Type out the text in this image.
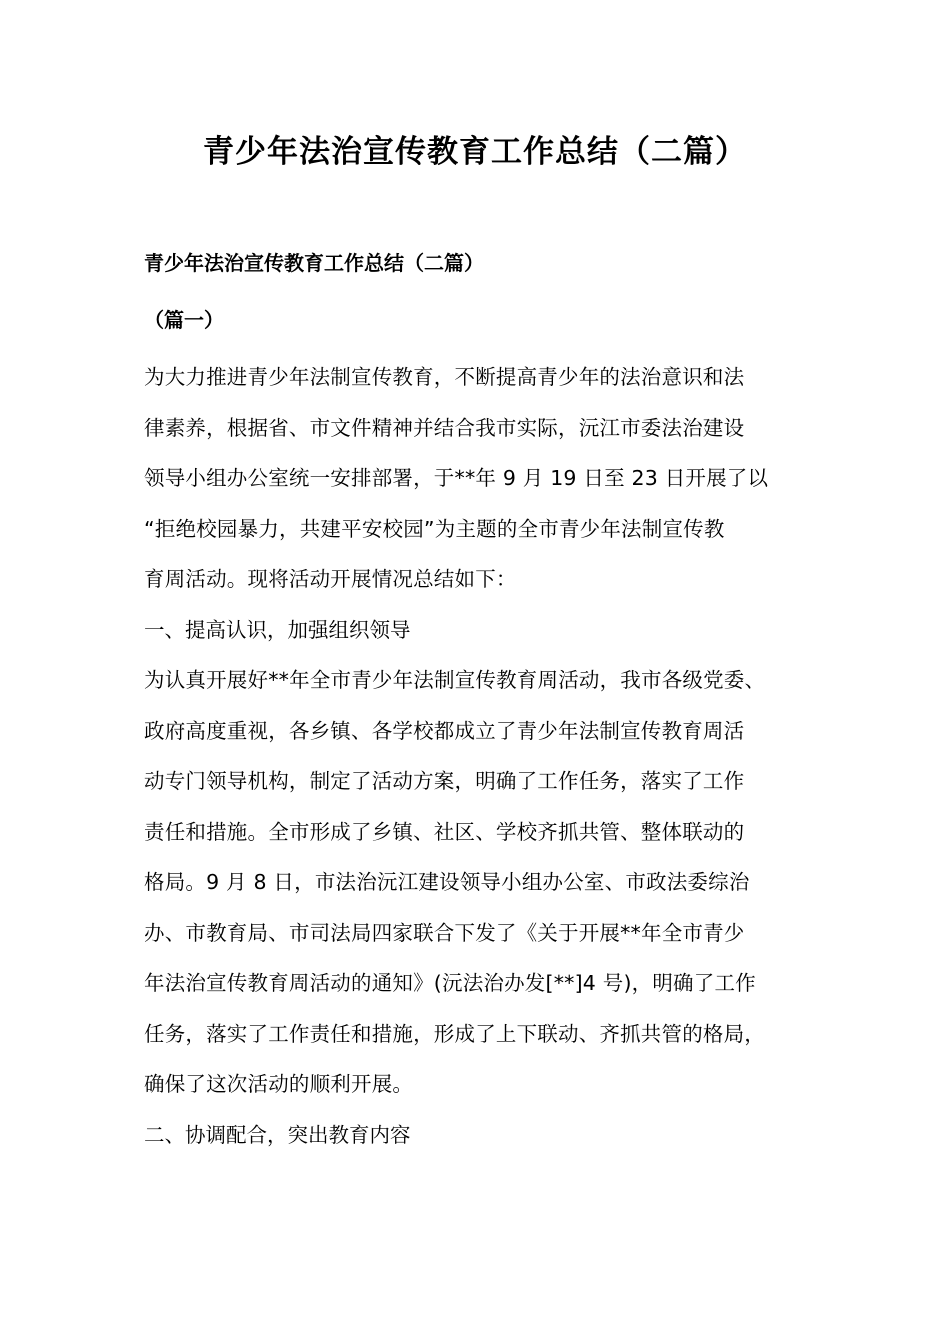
青少年法治宣传教育工作总结（二篇）

青少年法治宣传教育工作总结（二篇）

（篇一）

为大力推进青少年法制宣传教育，不断提高青少年的法治意识和法

律素养，根据省、市文件精神并结合我市实际，沅江市委法治建设

领导小组办公室统一安排部署，于**年 9 月 19 日至 23 日开展了以

“拒绝校园暴力，共建平安校园”为主题的全市青少年法制宣传教

育周活动。现将活动开展情况总结如下：

一、提高认识，加强组织领导

为认真开展好**年全市青少年法制宣传教育周活动，我市各级党委、

政府高度重视，各乡镇、各学校都成立了青少年法制宣传教育周活

动专门领导机构，制定了活动方案，明确了工作任务，落实了工作

责任和措施。全市形成了乡镇、社区、学校齐抓共管、整体联动的

格局。9 月 8 日，市法治沅江建设领导小组办公室、市政法委综治

办、市教育局、市司法局四家联合下发了《关于开展**年全市青少

年法治宣传教育周活动的通知》(沅法治办发[**]4 号)，明确了工作

任务，落实了工作责任和措施，形成了上下联动、齐抓共管的格局，

确保了这次活动的顺利开展。

二、协调配合，突出教育内容
